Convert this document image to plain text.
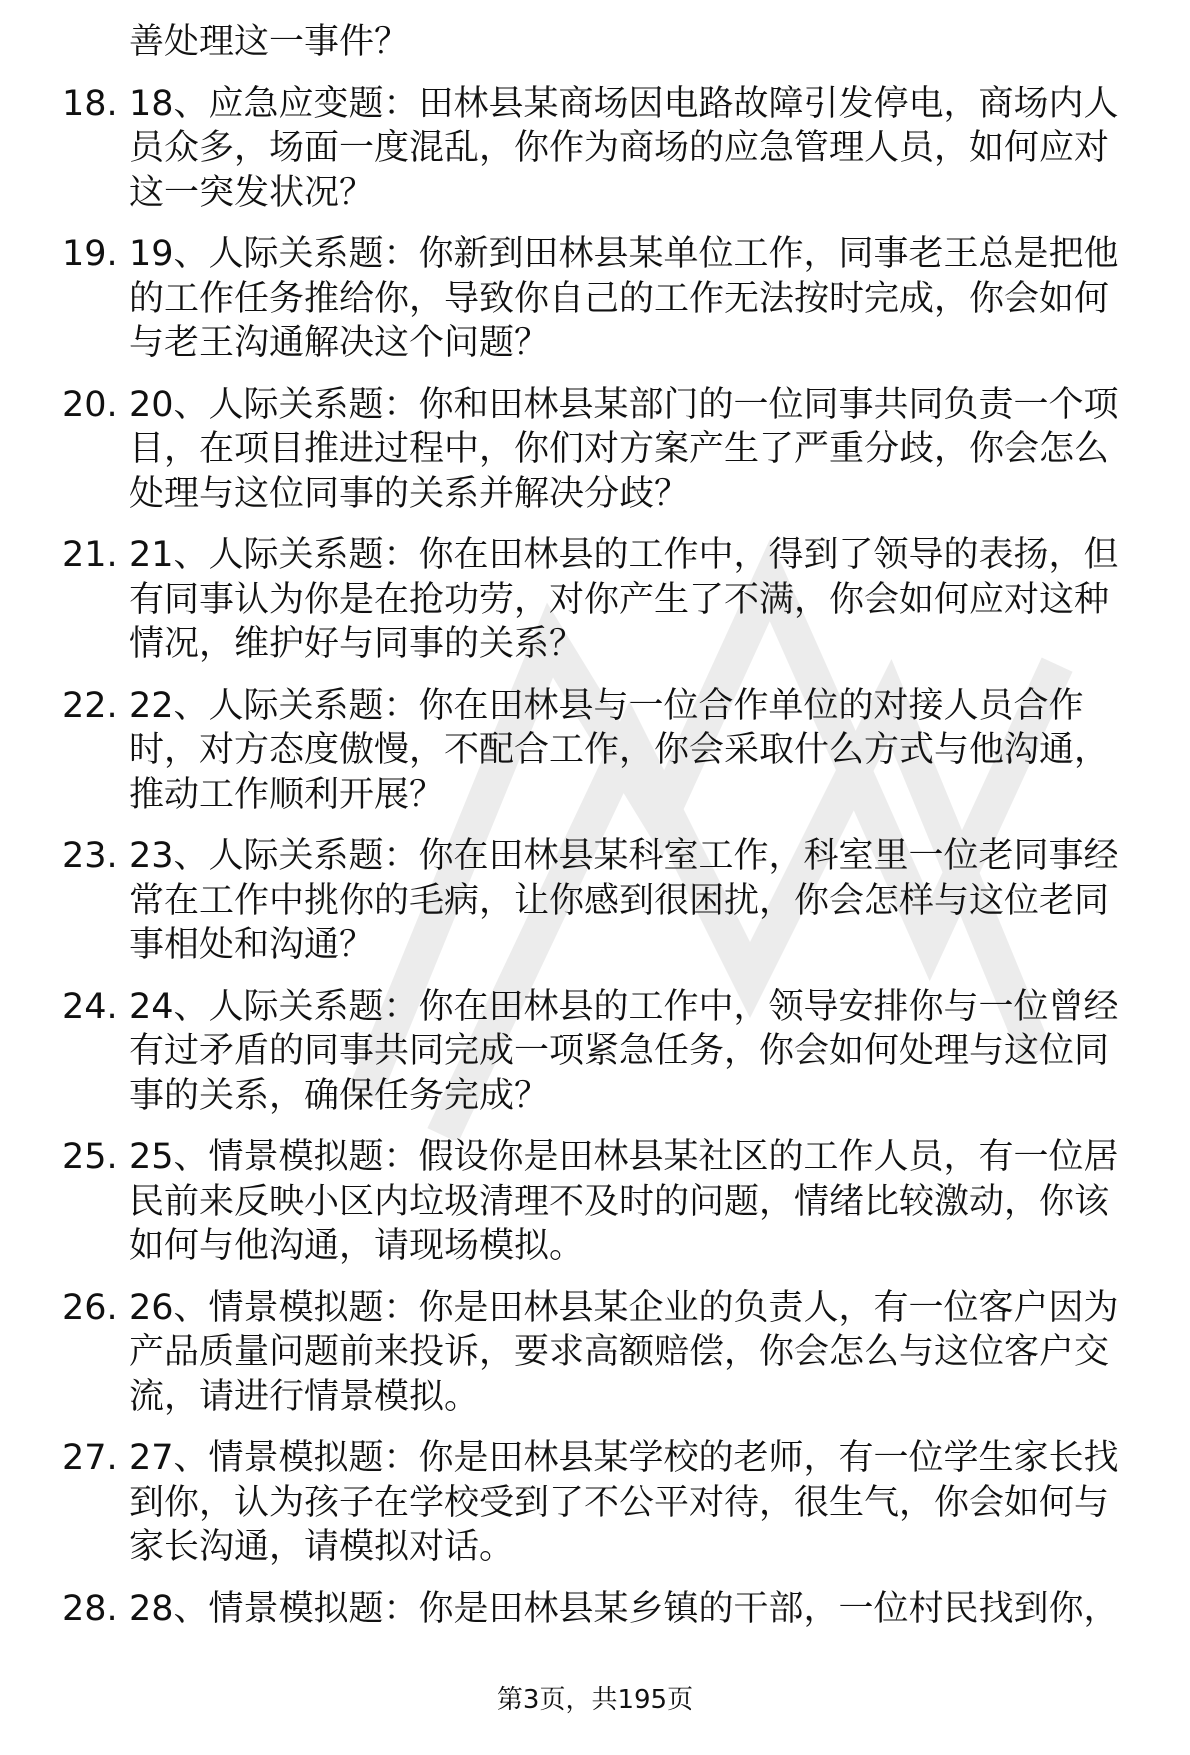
善处理这一事件？
18. 18、应急应变题：田林县某商场因电路故障引发停电，商场内人
员众多，场面一度混乱，你作为商场的应急管理人员，如何应对
这一突发状况？
19. 19、人际关系题：你新到田林县某单位工作，同事老王总是把他
的工作任务推给你，导致你自己的工作无法按时完成，你会如何
与老王沟通解决这个问题？
20. 20、人际关系题：你和田林县某部门的一位同事共同负责一个项
目，在项目推进过程中，你们对方案产生了严重分歧，你会怎么
处理与这位同事的关系并解决分歧？
21. 21、人际关系题：你在田林县的工作中，得到了领导的表扬，但
有同事认为你是在抢功劳，对你产生了不满，你会如何应对这种
情况，维护好与同事的关系？
22. 22、人际关系题：你在田林县与一位合作单位的对接人员合作
时，对方态度傲慢，不配合工作，你会采取什么方式与他沟通，
推动工作顺利开展？
23. 23、人际关系题：你在田林县某科室工作，科室里一位老同事经
常在工作中挑你的毛病，让你感到很困扰，你会怎样与这位老同
事相处和沟通？
24. 24、人际关系题：你在田林县的工作中，领导安排你与一位曾经
有过矛盾的同事共同完成一项紧急任务，你会如何处理与这位同
事的关系，确保任务完成？
25. 25、情景模拟题：假设你是田林县某社区的工作人员，有一位居
民前来反映小区内垃圾清理不及时的问题，情绪比较激动，你该
如何与他沟通，请现场模拟。
26. 26、情景模拟题：你是田林县某企业的负责人，有一位客户因为
产品质量问题前来投诉，要求高额赔偿，你会怎么与这位客户交
流，请进行情景模拟。
27. 27、情景模拟题：你是田林县某学校的老师，有一位学生家长找
到你，认为孩子在学校受到了不公平对待，很生气，你会如何与
家长沟通，请模拟对话。
28. 28、情景模拟题：你是田林县某乡镇的干部，一位村民找到你，
第3页，共195页
